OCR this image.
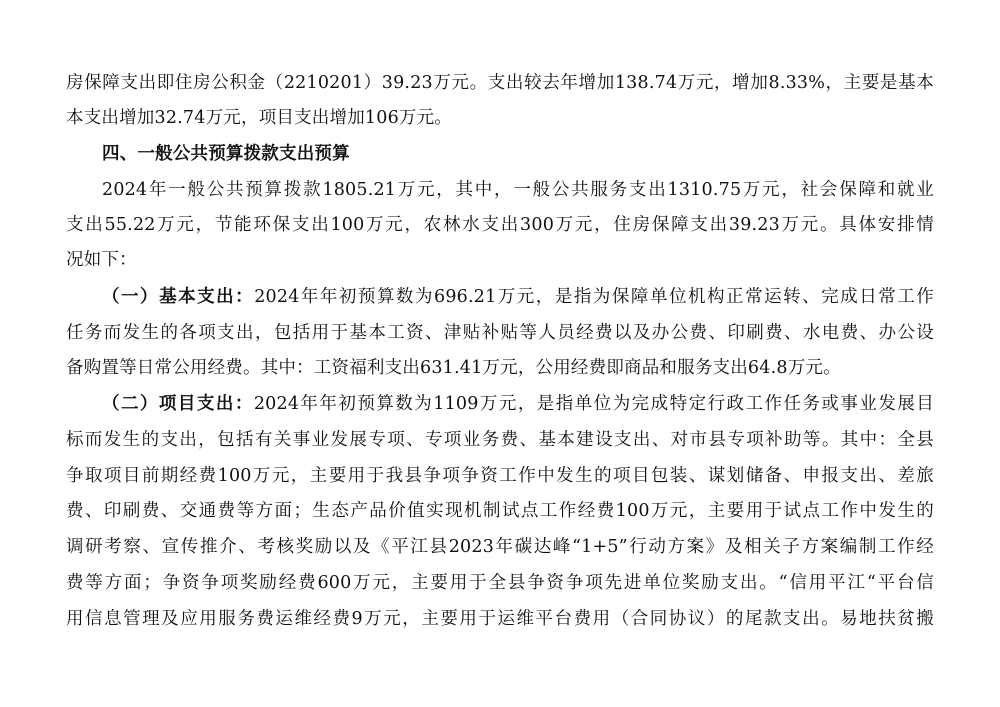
房保障支出即住房公积金（2210201）39.23万元。支出较去年增加138.74万元，增加8.33%，主要是基本
本支出增加32.74万元，项目支出增加106万元。
四、一般公共预算拨款支出预算
2024年一般公共预算拨款1805.21万元，其中，一般公共服务支出1310.75万元，社会保障和就业
支出55.22万元，节能环保支出100万元，农林水支出300万元，住房保障支出39.23万元。具体安排情
况如下：
（一）基本支出：2024年年初预算数为696.21万元，是指为保障单位机构正常运转、完成日常工作
任务而发生的各项支出，包括用于基本工资、津贴补贴等人员经费以及办公费、印刷费、水电费、办公设
备购置等日常公用经费。其中：工资福利支出631.41万元，公用经费即商品和服务支出64.8万元。
（二）项目支出：2024年年初预算数为1109万元，是指单位为完成特定行政工作任务或事业发展目
标而发生的支出，包括有关事业发展专项、专项业务费、基本建设支出、对市县专项补助等。其中：全县
争取项目前期经费100万元，主要用于我县争项争资工作中发生的项目包装、谋划储备、申报支出、差旅
费、印刷费、交通费等方面；生态产品价值实现机制试点工作经费100万元，主要用于试点工作中发生的
调研考察、宣传推介、考核奖励以及《平江县2023年碳达峰“1+5”行动方案》及相关子方案编制工作经
费等方面；争资争项奖励经费600万元，主要用于全县争资争项先进单位奖励支出。“信用平江“平台信
用信息管理及应用服务费运维经费9万元，主要用于运维平台费用（合同协议）的尾款支出。易地扶贫搬
